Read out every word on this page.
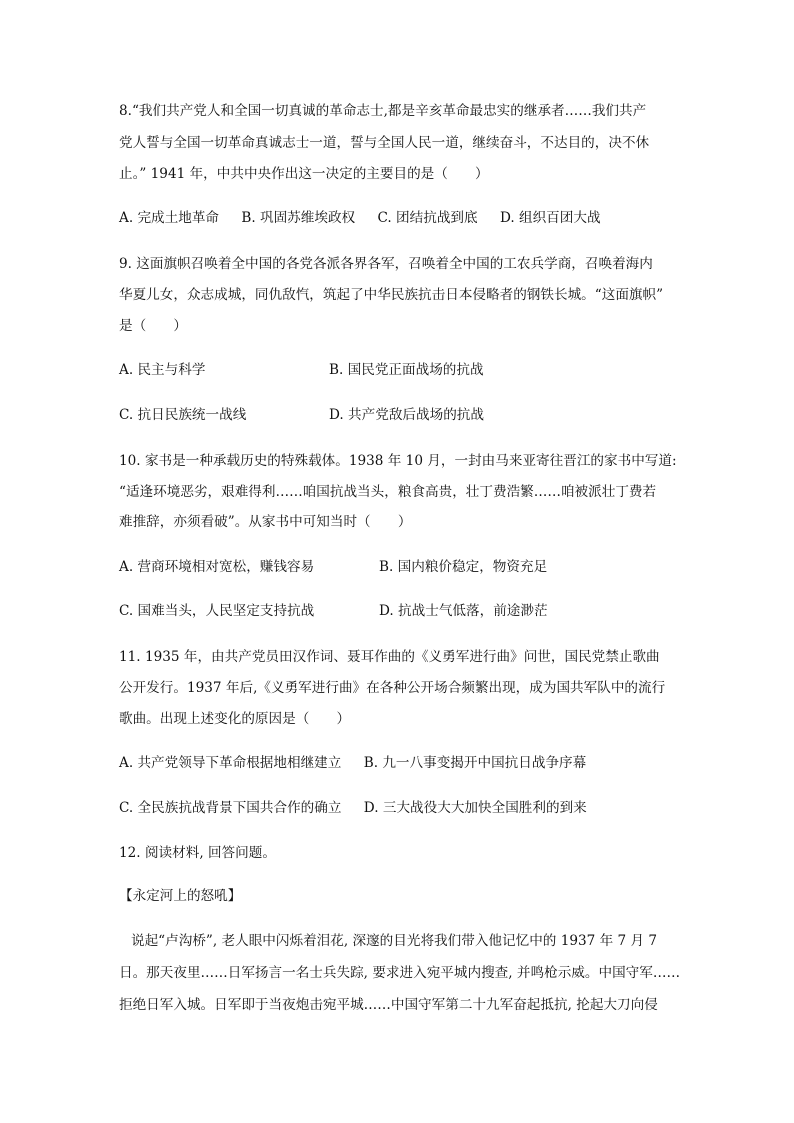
8.“我们共产党人和全国一切真诚的革命志士,都是辛亥革命最忠实的继承者……我们共产
党人誓与全国一切革命真诚志士一道，誓与全国人民一道，继续奋斗，不达目的，决不休
止。” 1941 年，中共中央作出这一决定的主要目的是（　　）
A. 完成土地革命 B. 巩固苏维埃政权 C. 团结抗战到底 D. 组织百团大战
9. 这面旗帜召唤着全中国的各党各派各界各军，召唤着全中国的工农兵学商，召唤着海内
华夏儿女，众志成城，同仇敌忾，筑起了中华民族抗击日本侵略者的钢铁长城。“这面旗帜”
是（　　）
A. 民主与科学	B. 国民党正面战场的抗战
C. 抗日民族统一战线	D. 共产党敌后战场的抗战
10. 家书是一种承载历史的特殊载体。1938 年 10 月，一封由马来亚寄往晋江的家书中写道:
“适逢环境恶劣，艰难得利……咱国抗战当头，粮食高贵，壮丁费浩繁……咱被派壮丁费若
难推辞，亦须看破”。从家书中可知当时（　　）
A. 营商环境相对宽松，赚钱容易	B. 国内粮价稳定，物资充足
C. 国难当头，人民坚定支持抗战	D. 抗战士气低落，前途渺茫
11. 1935 年，由共产党员田汉作词、聂耳作曲的《义勇军进行曲》问世，国民党禁止歌曲
公开发行。1937 年后,《义勇军进行曲》在各种公开场合频繁出现，成为国共军队中的流行
歌曲。出现上述变化的原因是（　　）
A. 共产党领导下革命根据地相继建立 B. 九一八事变揭开中国抗日战争序幕
C. 全民族抗战背景下国共合作的确立 D. 三大战役大大加快全国胜利的到来
12. 阅读材料, 回答问题。
【永定河上的怒吼】
说起“卢沟桥”, 老人眼中闪烁着泪花, 深邃的目光将我们带入他记忆中的 1937 年 7 月 7
日。那天夜里……日军扬言一名士兵失踪, 要求进入宛平城内搜查, 并鸣枪示威。中国守军……
拒绝日军入城。日军即于当夜炮击宛平城……中国守军第二十九军奋起抵抗, 抡起大刀向侵
